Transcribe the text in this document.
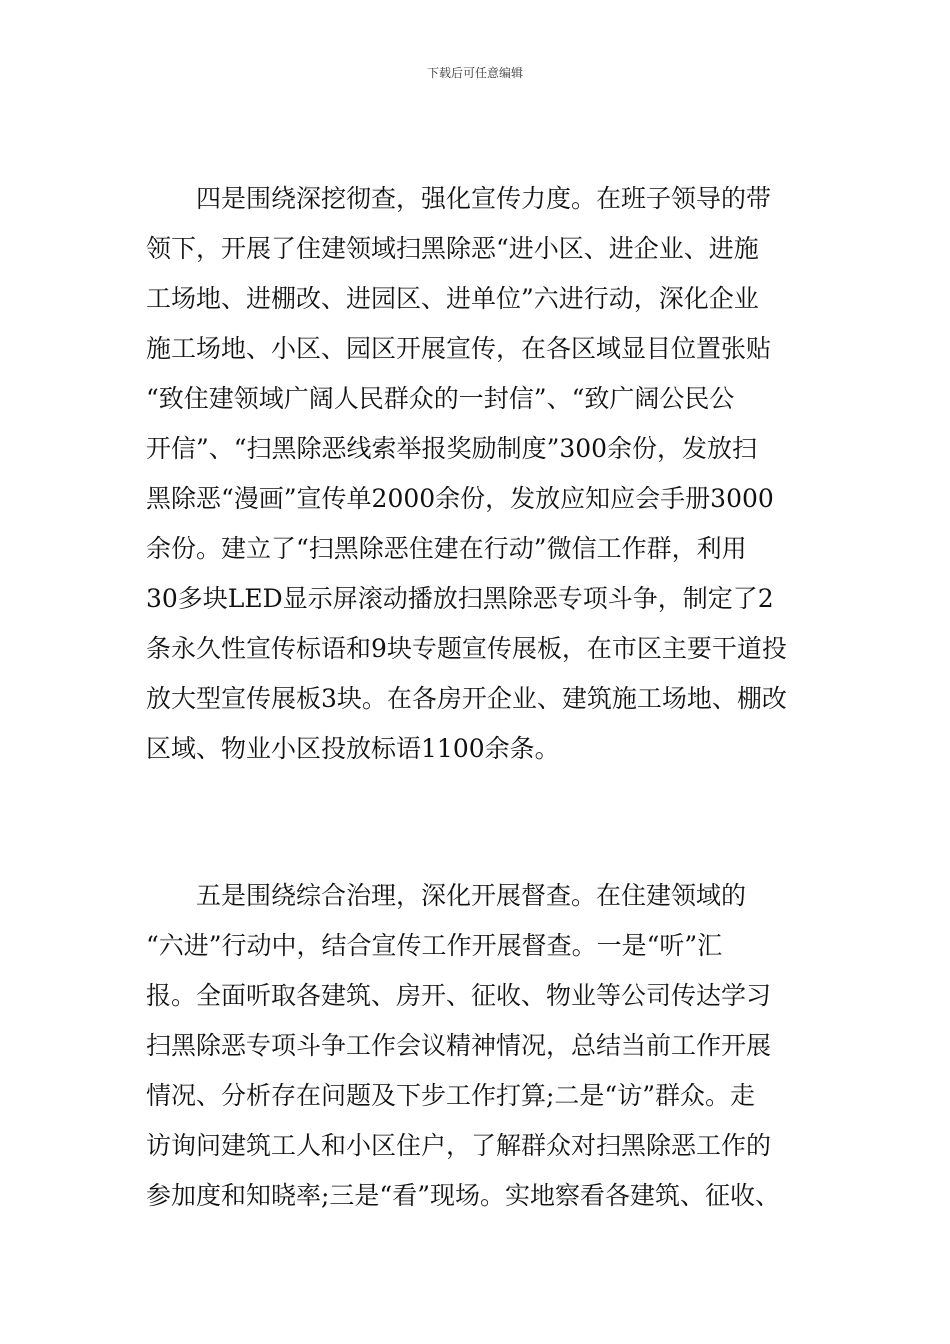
下载后可任意编辑
　　四是围绕深挖彻查，强化宣传力度。在班子领导的带
领下，开展了住建领域扫黑除恶“进小区、进企业、进施
工场地、进棚改、进园区、进单位”六进行动，深化企业
施工场地、小区、园区开展宣传，在各区域显目位置张贴
“致住建领域广阔人民群众的一封信”、“致广阔公民公
开信”、“扫黑除恶线索举报奖励制度”300余份，发放扫
黑除恶“漫画”宣传单2000余份，发放应知应会手册3000
余份。建立了“扫黑除恶住建在行动”微信工作群，利用
30多块LED显示屏滚动播放扫黑除恶专项斗争，制定了2
条永久性宣传标语和9块专题宣传展板，在市区主要干道投
放大型宣传展板3块。在各房开企业、建筑施工场地、棚改
区域、物业小区投放标语1100余条。
　　五是围绕综合治理，深化开展督查。在住建领域的
“六进”行动中，结合宣传工作开展督查。一是“听”汇
报。全面听取各建筑、房开、征收、物业等公司传达学习
扫黑除恶专项斗争工作会议精神情况，总结当前工作开展
情况、分析存在问题及下步工作打算;二是“访”群众。走
访询问建筑工人和小区住户，了解群众对扫黑除恶工作的
参加度和知晓率;三是“看”现场。实地察看各建筑、征收、
